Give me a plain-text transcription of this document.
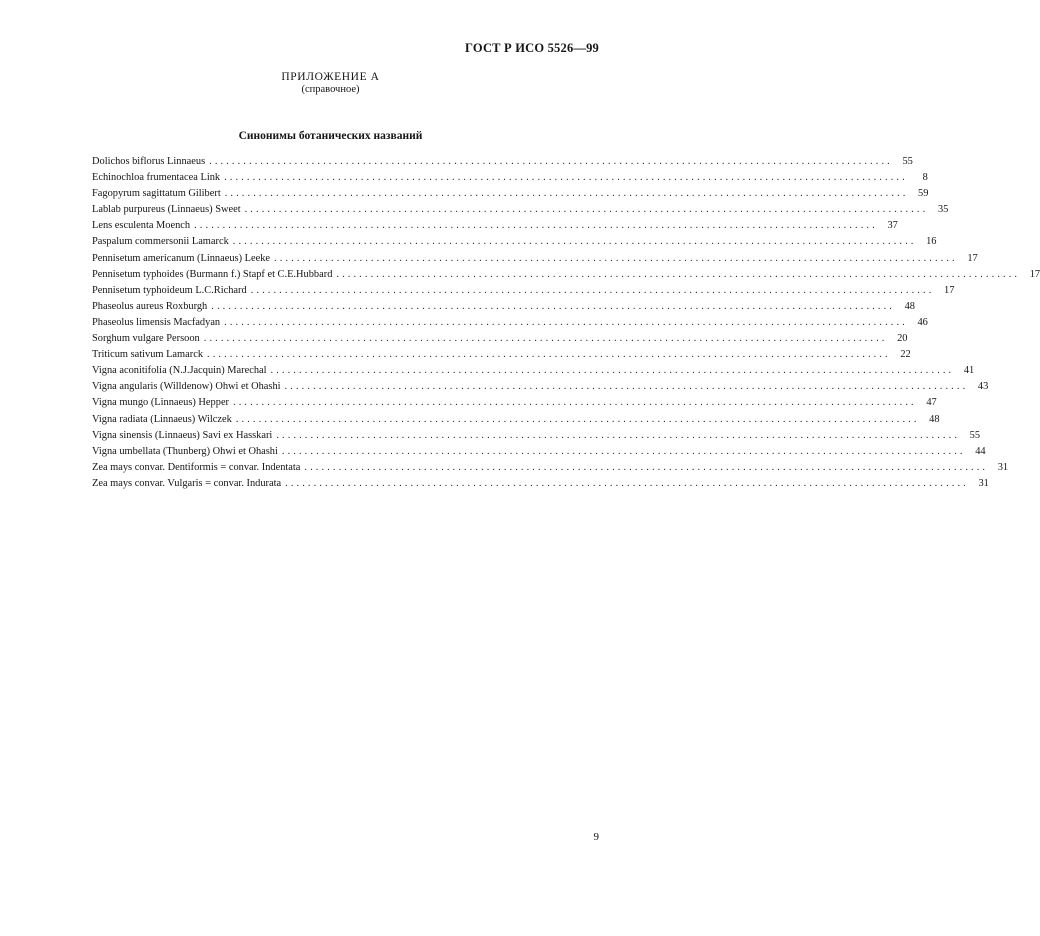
ГОСТ Р ИСО 5526—99
ПРИЛОЖЕНИЕ А
(справочное)
Синонимы ботанических названий
Dolichos biflorus Linnaeus ........................................................................................................................ 55
Echinochloa frumentacea Link ........................................................................................................................	8
Fagopyrum sagittatum Gilibert ........................................................................................................................ 59
Lablab purpureus (Linnaeus) Sweet ........................................................................................................................ 35
Lens esculenta Moench ........................................................................................................................ 37
Paspalum commersonii Lamarck ........................................................................................................................ 16
Pennisetum americanum (Linnaeus) Leeke ........................................................................................................................ 17
Pennisetum typhoides (Burmann f.) Stapf et C.E.Hubbard ........................................................................................................................ 17
Pennisetum typhoideum L.C.Richard ........................................................................................................................ 17
Phaseolus aureus Roxburgh ........................................................................................................................ 48
Phaseolus limensis Macfadyan ........................................................................................................................ 46
Sorghum vulgare Persoon ........................................................................................................................ 20
Triticum sativum Lamarck ........................................................................................................................ 22
Vigna aconitifolia (N.J.Jacquin) Marechal ........................................................................................................................ 41
Vigna angularis (Willdenow) Ohwi et Ohashi ........................................................................................................................ 43
Vigna mungo (Linnaeus) Hepper ........................................................................................................................ 47
Vigna radiata (Linnaeus) Wilczek ........................................................................................................................ 48
Vigna sinensis (Linnaeus) Savi ex Hasskari ........................................................................................................................ 55
Vigna umbellata (Thunberg) Ohwi et Ohashi ........................................................................................................................ 44
Zea mays convar. Dentiformis = convar. Indentata ........................................................................................................................ 31
Zea mays convar. Vulgaris = convar. Indurata ........................................................................................................................ 31
9
